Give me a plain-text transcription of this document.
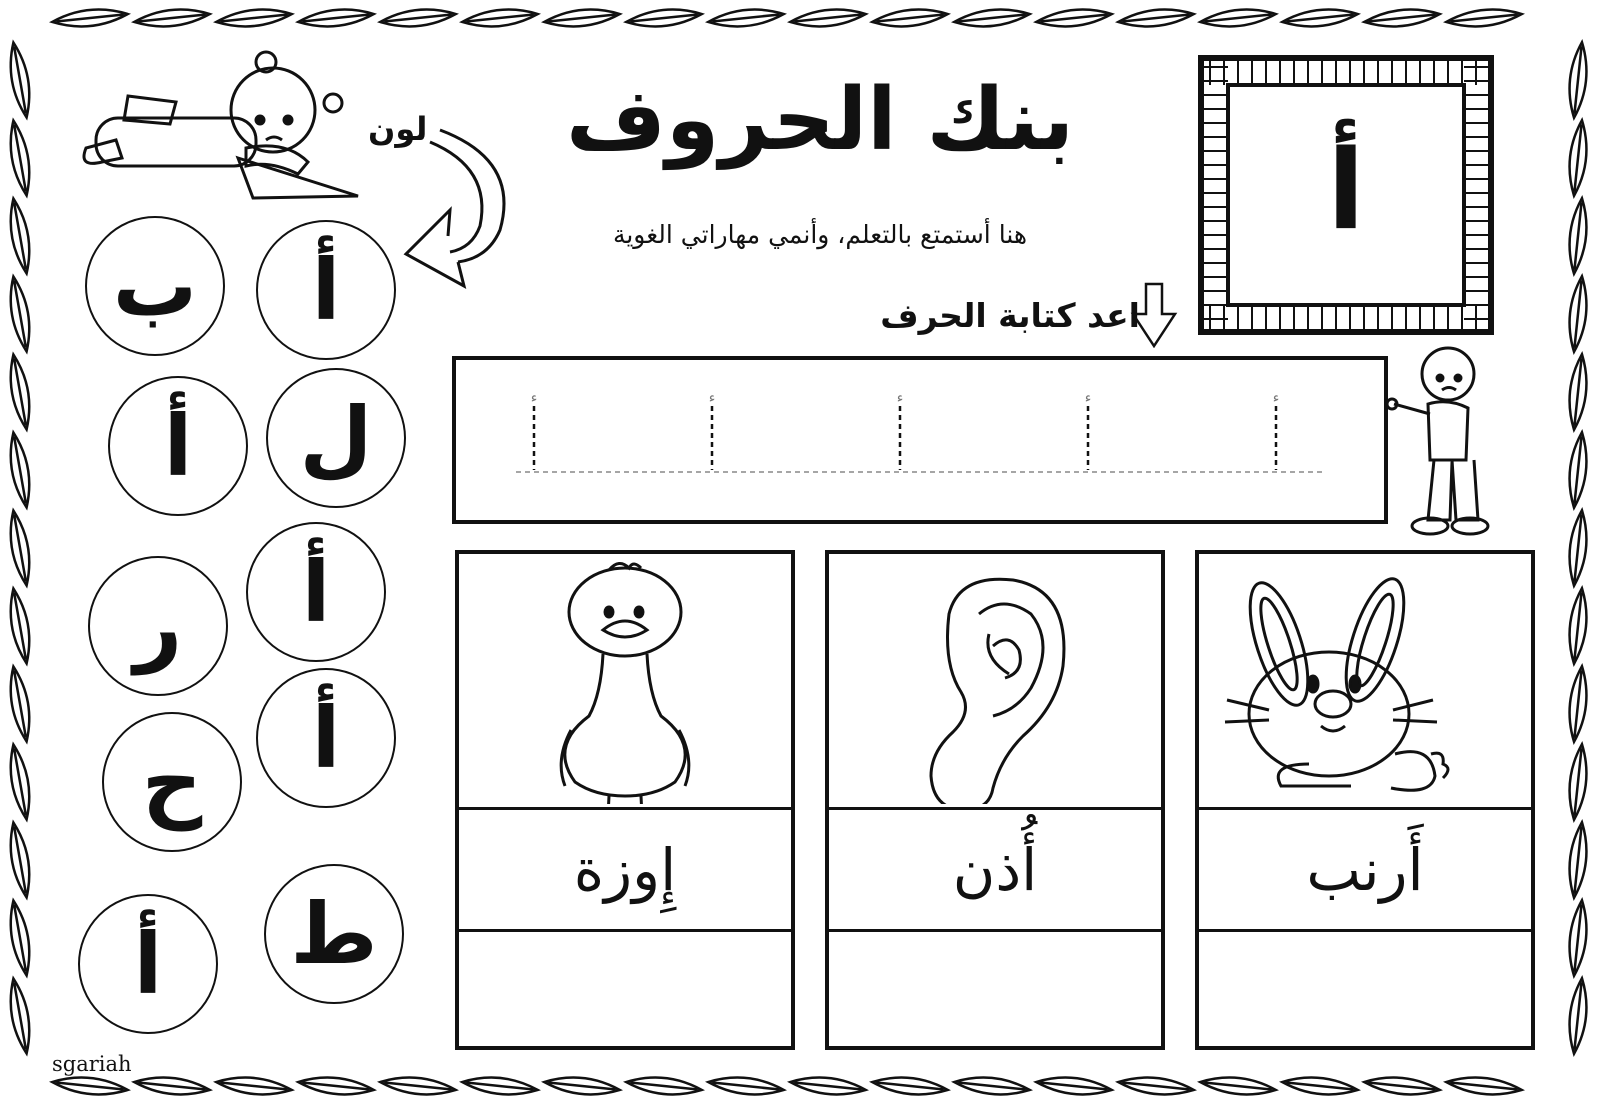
بنك الحروف
هنا أستمتع بالتعلم، وأنمي مهاراتي الغوية
لون	أ
اعد كتابة الحرف
ء
ء
ء
ء
ء
أ
ب
ل
أ
أ
ر
أ
ح
ط
أ
أَرنب
أُذن
إِوزة
sgariah
